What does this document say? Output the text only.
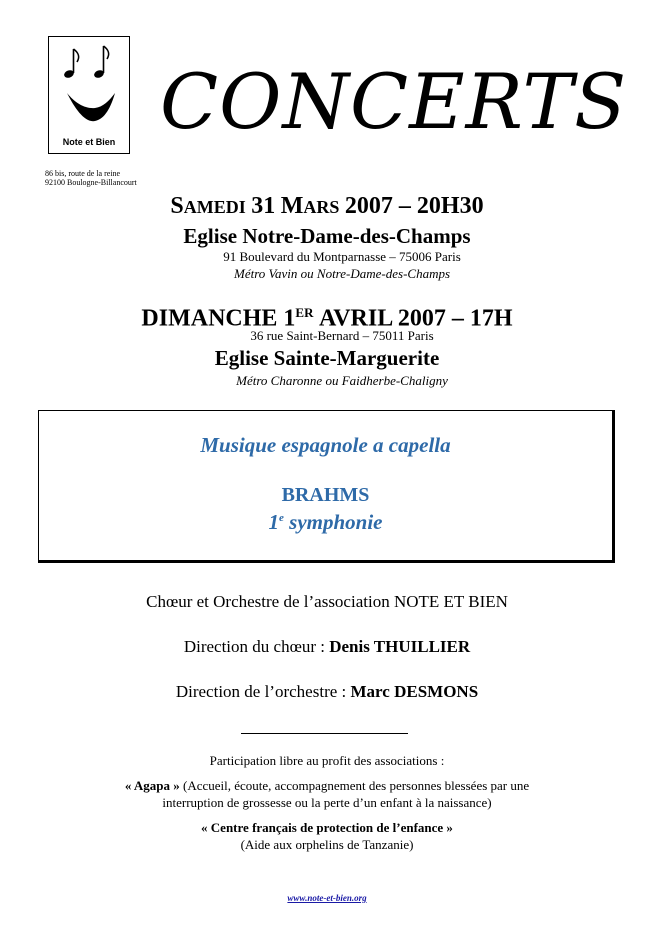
Note et Bien
86 bis, route de la reine
92100 Boulogne-Billancourt
CONCERTS
SAMEDI 31 MARS 2007 – 20H30
Eglise Notre-Dame-des-Champs
91 Boulevard du Montparnasse – 75006 Paris
Métro Vavin ou Notre-Dame-des-Champs
DIMANCHE 1ER AVRIL 2007 – 17H
36 rue Saint-Bernard – 75011 Paris
Eglise Sainte-Marguerite
Métro Charonne ou Faidherbe-Chaligny
Musique espagnole a capella
BRAHMS
1e symphonie
Chœur et Orchestre de l’association NOTE ET BIEN
Direction du chœur : Denis THUILLIER
Direction de l’orchestre : Marc DESMONS
Participation libre au profit des associations :
« Agapa » (Accueil, écoute, accompagnement des personnes blessées par une
interruption de grossesse ou la perte d’un enfant à la naissance)
« Centre français de protection de l’enfance »
(Aide aux orphelins de Tanzanie)
www.note-et-bien.org
